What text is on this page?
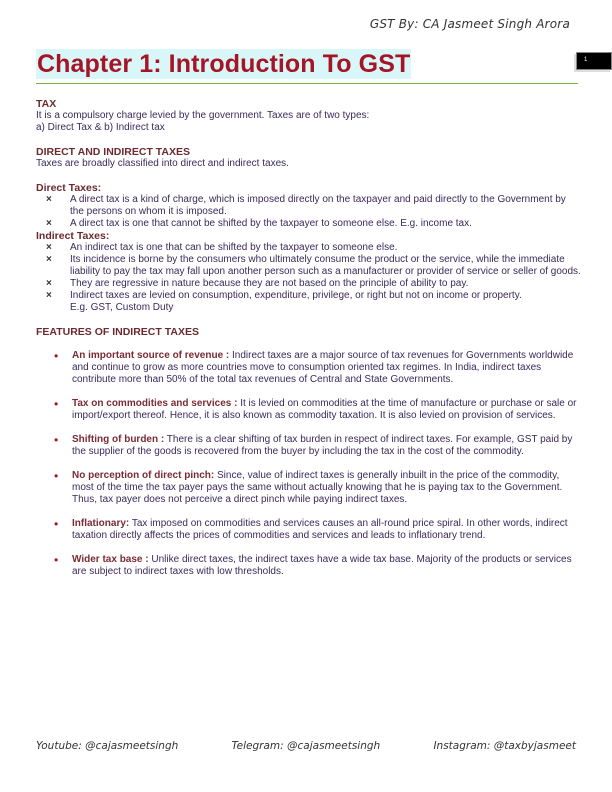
GST By: CA Jasmeet Singh Arora
1
Chapter 1: Introduction To GST

TAX

It is a compulsory charge levied by the government. Taxes are of two types:

a) Direct Tax & b) Indirect tax

DIRECT AND INDIRECT TAXES

Taxes are broadly classified into direct and indirect taxes.

Direct Taxes:

× A direct tax is a kind of charge, which is imposed directly on the taxpayer and paid directly to the Government by the persons on whom it is imposed.
× A direct tax is one that cannot be shifted by the taxpayer to someone else. E.g. income tax.

Indirect Taxes:

× An indirect tax is one that can be shifted by the taxpayer to someone else.
× Its incidence is borne by the consumers who ultimately consume the product or the service, while the immediate liability to pay the tax may fall upon another person such as a manufacturer or provider of service or seller of goods.
× They are regressive in nature because they are not based on the principle of ability to pay.
× Indirect taxes are levied on consumption, expenditure, privilege, or right but not on income or property.

E.g. GST, Custom Duty

FEATURES OF INDIRECT TAXES

• An important source of revenue : Indirect taxes are a major source of tax revenues for Governments worldwide and continue to grow as more countries move to consumption oriented tax regimes. In India, indirect taxes contribute more than 50% of the total tax revenues of Central and State Governments.
• Tax on commodities and services : It is levied on commodities at the time of manufacture or purchase or sale or import/export thereof. Hence, it is also known as commodity taxation. It is also levied on provision of services.
• Shifting of burden : There is a clear shifting of tax burden in respect of indirect taxes. For example, GST paid by the supplier of the goods is recovered from the buyer by including the tax in the cost of the commodity.
• No perception of direct pinch: Since, value of indirect taxes is generally inbuilt in the price of the commodity, most of the time the tax payer pays the same without actually knowing that he is paying tax to the Government. Thus, tax payer does not perceive a direct pinch while paying indirect taxes.
• Inflationary: Tax imposed on commodities and services causes an all-round price spiral. In other words, indirect taxation directly affects the prices of commodities and services and leads to inflationary trend.
• Wider tax base : Unlike direct taxes, the indirect taxes have a wide tax base. Majority of the products or services are subject to indirect taxes with low thresholds.
Youtube: @cajasmeetsingh	Telegram: @cajasmeetsingh	Instagram: @taxbyjasmeet
